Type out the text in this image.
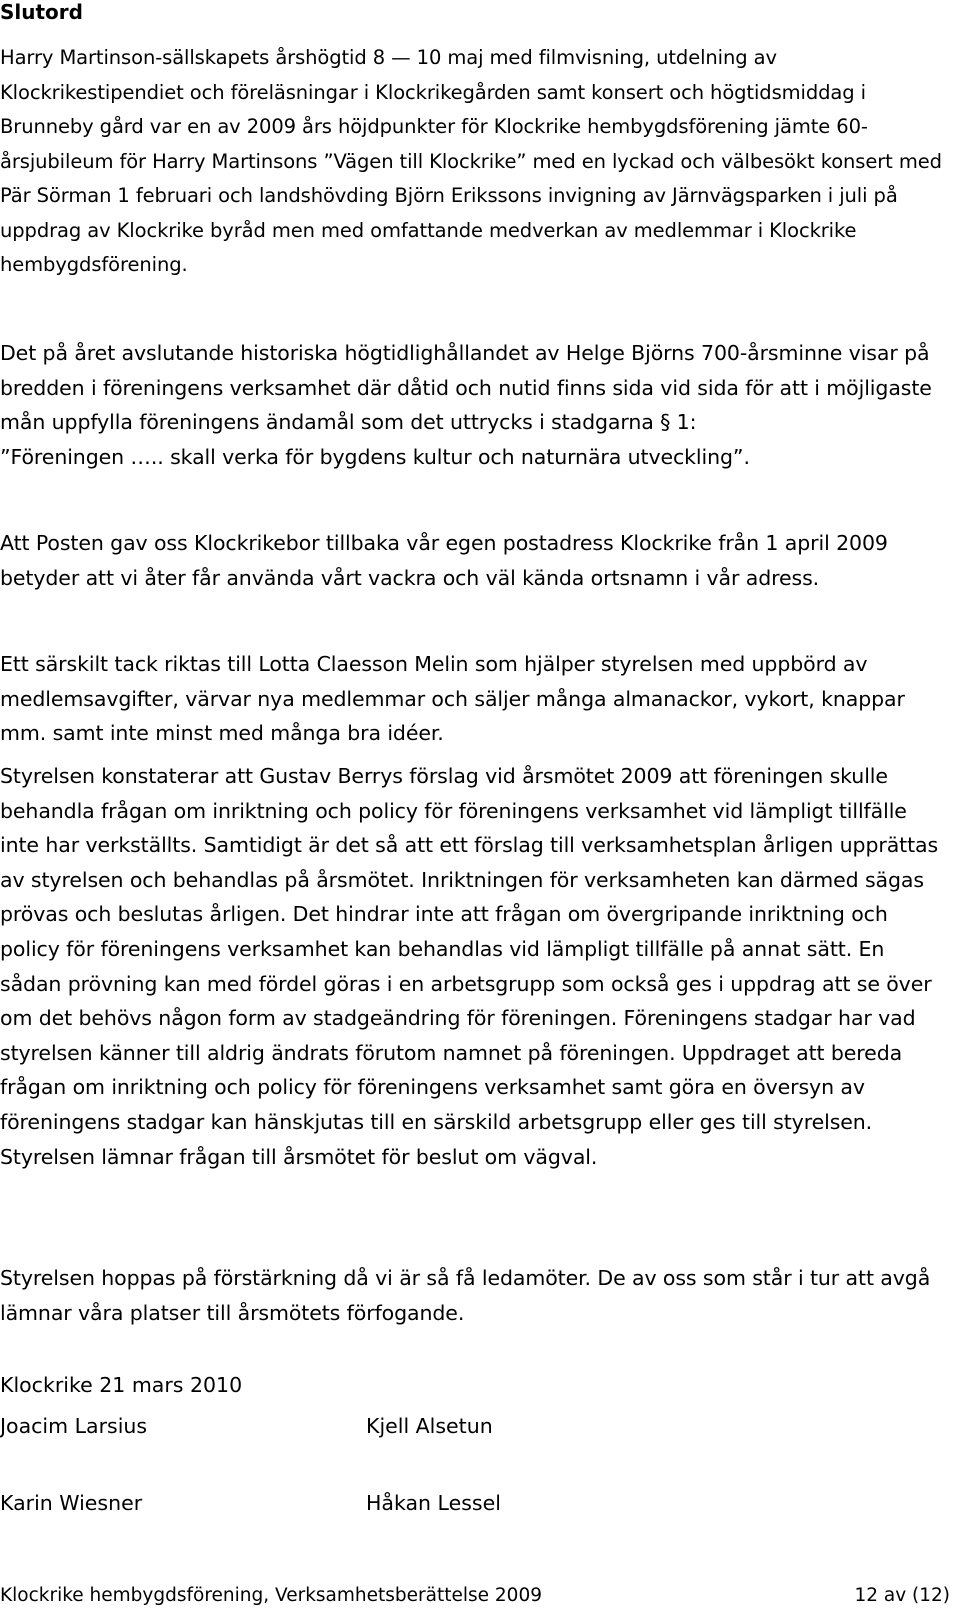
Slutord

Harry Martinson-sällskapets årshögtid 8 — 10 maj med filmvisning, utdelning av Klockrikestipendiet och föreläsningar i Klockrikegården samt konsert och högtidsmiddag i Brunneby gård var en av 2009 års höjdpunkter för Klockrike hembygdsförening jämte 60-årsjubileum för Harry Martinsons ”Vägen till Klockrike” med en lyckad och välbesökt konsert med Pär Sörman 1 februari och landshövding Björn Erikssons invigning av Järnvägsparken i juli på uppdrag av Klockrike byråd men med omfattande medverkan av medlemmar i Klockrike hembygdsförening.

Det på året avslutande historiska högtidlighållandet av Helge Björns 700-årsminne visar på bredden i föreningens verksamhet där dåtid och nutid finns sida vid sida för att i möjligaste mån uppfylla föreningens ändamål som det uttrycks i stadgarna § 1:
”Föreningen ….. skall verka för bygdens kultur och naturnära utveckling”.

Att Posten gav oss Klockrikebor tillbaka vår egen postadress Klockrike från 1 april 2009 betyder att vi åter får använda vårt vackra och väl kända ortsnamn i vår adress.

Ett särskilt tack riktas till Lotta Claesson Melin som hjälper styrelsen med uppbörd av medlemsavgifter, värvar nya medlemmar och säljer många almanackor, vykort, knappar mm. samt inte minst med många bra idéer.

Styrelsen konstaterar att Gustav Berrys förslag vid årsmötet 2009 att föreningen skulle behandla frågan om inriktning och policy för föreningens verksamhet vid lämpligt tillfälle inte har verkställts. Samtidigt är det så att ett förslag till verksamhetsplan årligen upprättas av styrelsen och behandlas på årsmötet. Inriktningen för verksamheten kan därmed sägas prövas och beslutas årligen. Det hindrar inte att frågan om övergripande inriktning och policy för föreningens verksamhet kan behandlas vid lämpligt tillfälle på annat sätt. En sådan prövning kan med fördel göras i en arbetsgrupp som också ges i uppdrag att se över om det behövs någon form av stadgeändring för föreningen. Föreningens stadgar har vad styrelsen känner till aldrig ändrats förutom namnet på föreningen. Uppdraget att bereda frågan om inriktning och policy för föreningens verksamhet samt göra en översyn av föreningens stadgar kan hänskjutas till en särskild arbetsgrupp eller ges till styrelsen. Styrelsen lämnar frågan till årsmötet för beslut om vägval.

Styrelsen hoppas på förstärkning då vi är så få ledamöter. De av oss som står i tur att avgå lämnar våra platser till årsmötets förfogande.

Klockrike 21 mars 2010

Joacim Larsius	Kjell Alsetun
Karin Wiesner	Håkan Lessel
Klockrike hembygdsförening, Verksamhetsberättelse 2009	12 av (12)
